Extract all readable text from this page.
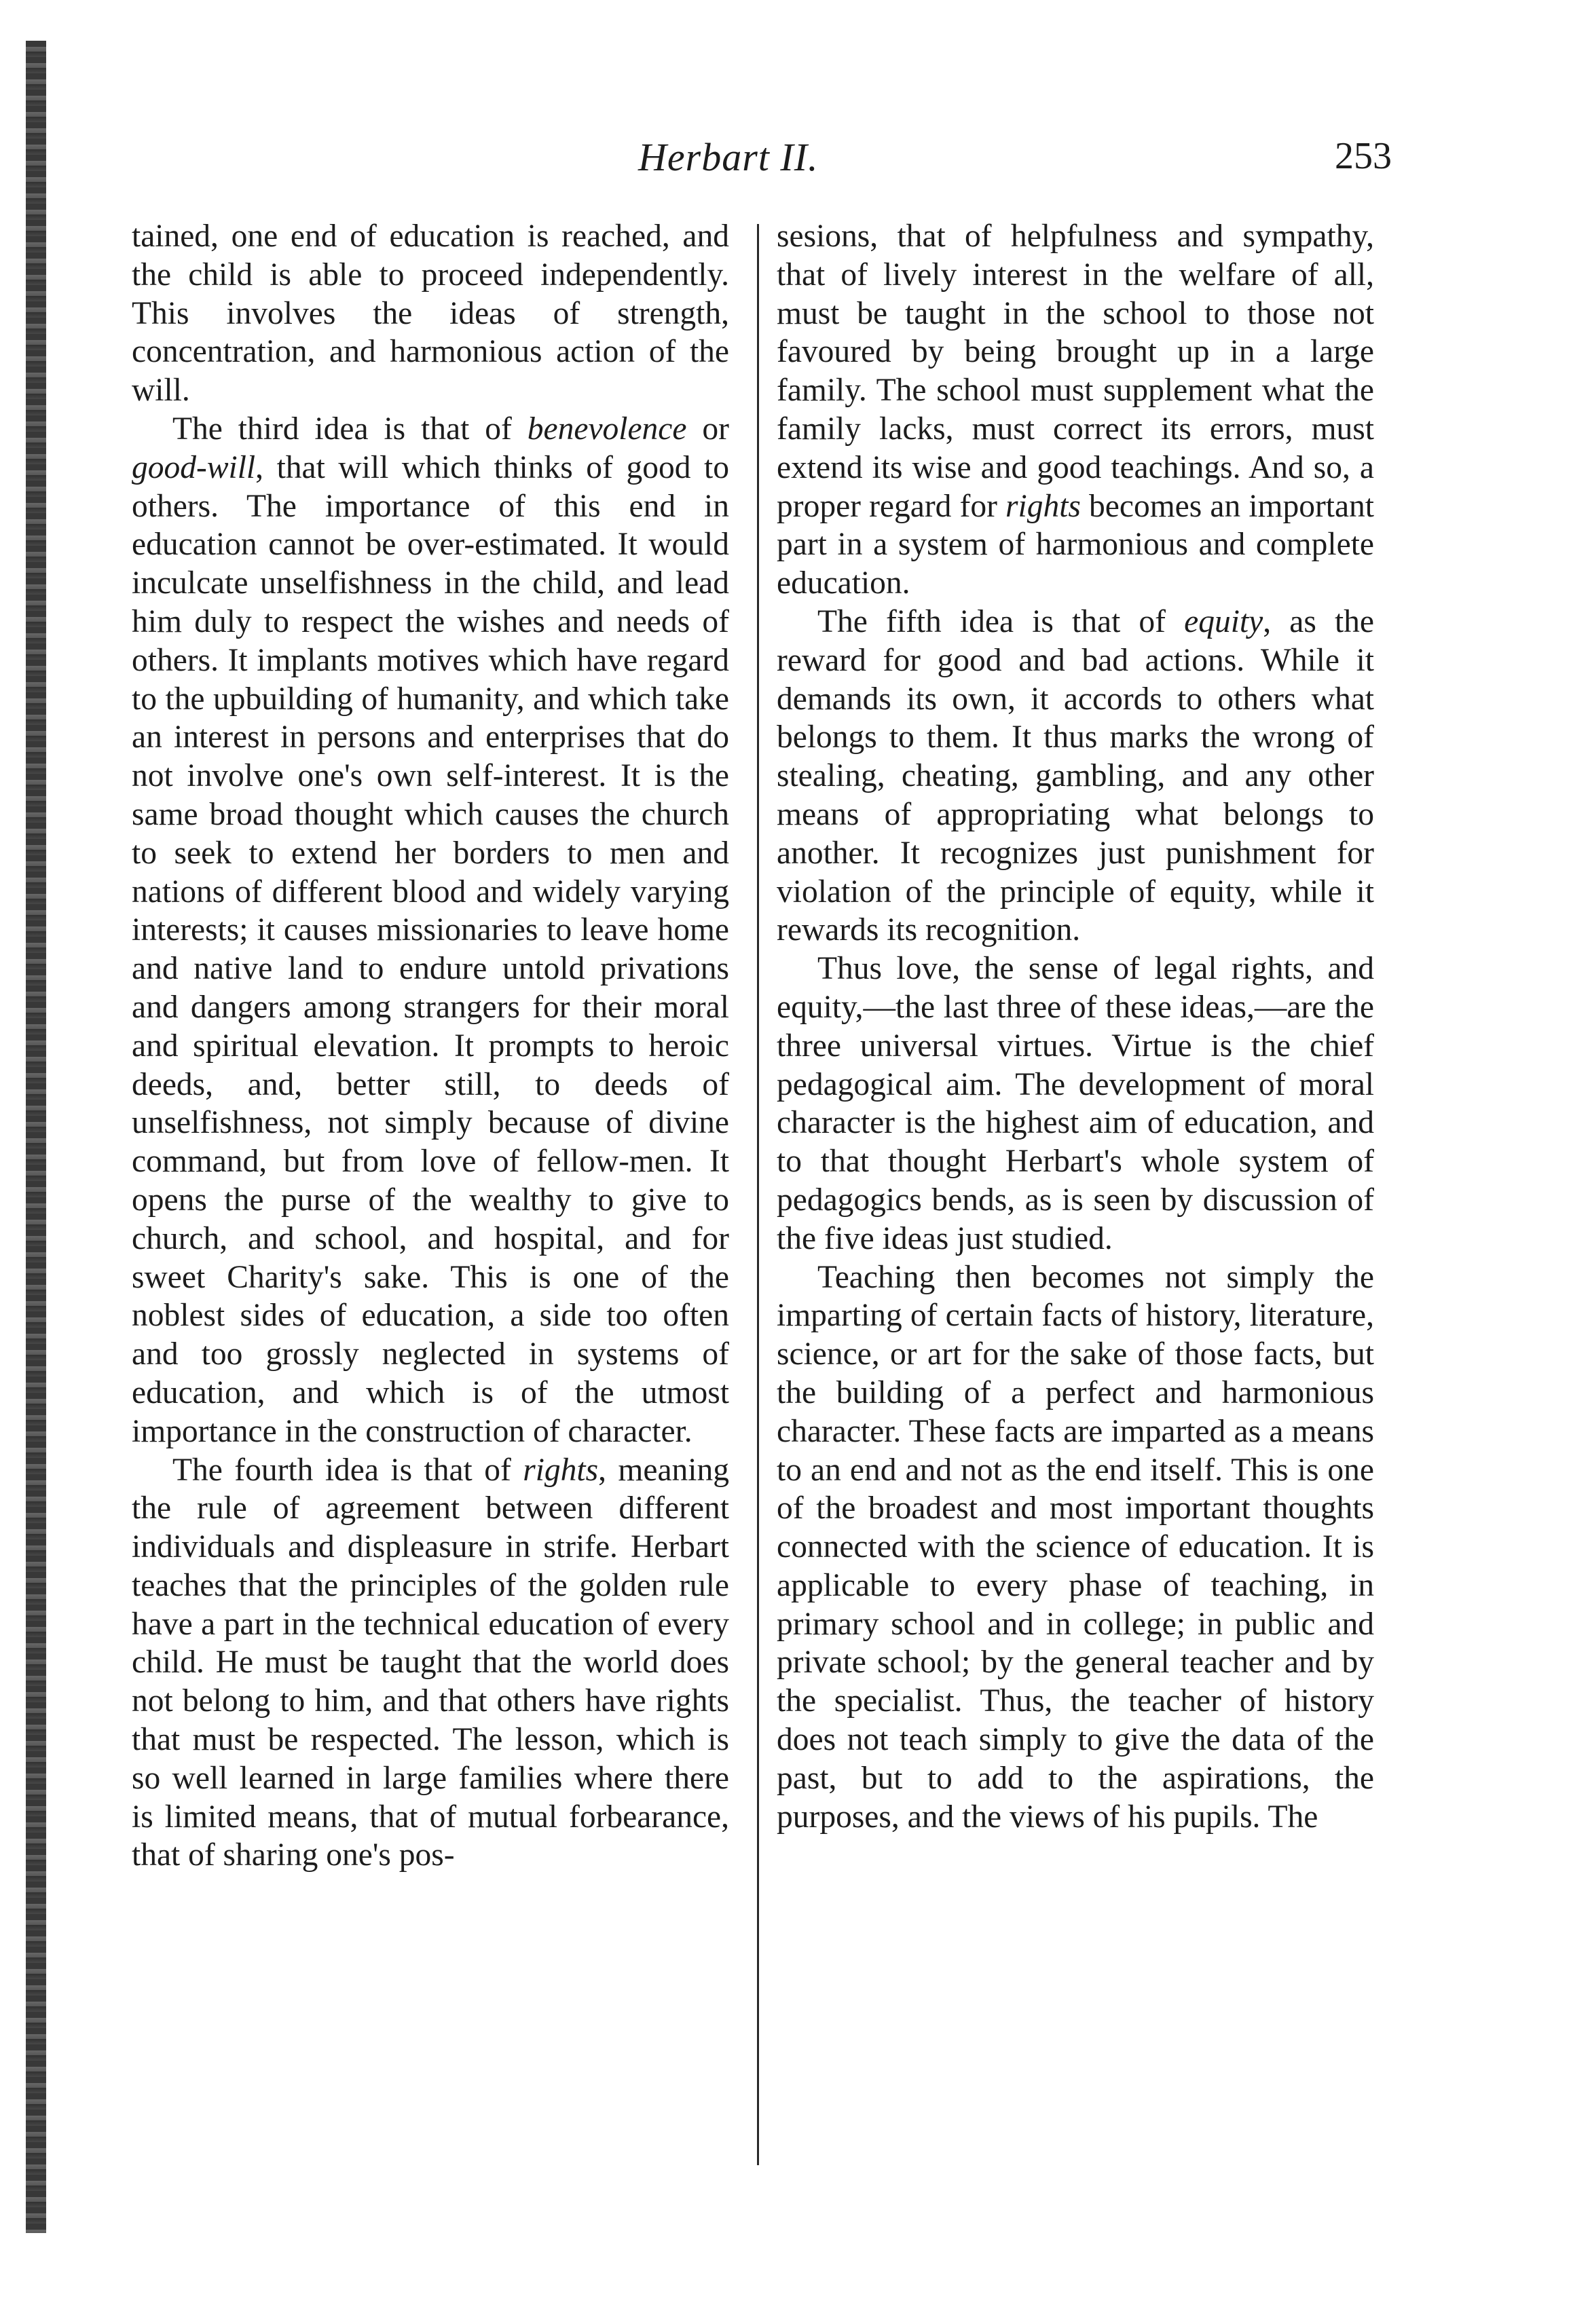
Herbart II.	253

tained, one end of education is reached, and the child is able to proceed independently. This involves the ideas of strength, concentration, and harmonious action of the will.

The third idea is that of benevolence or good-will, that will which thinks of good to others. The importance of this end in education cannot be over-estimated. It would inculcate unselfishness in the child, and lead him duly to respect the wishes and needs of others. It implants motives which have regard to the upbuilding of humanity, and which take an interest in persons and enterprises that do not involve one's own self-interest. It is the same broad thought which causes the church to seek to extend her borders to men and nations of different blood and widely varying interests; it causes missionaries to leave home and native land to endure untold privations and dangers among strangers for their moral and spiritual elevation. It prompts to heroic deeds, and, better still, to deeds of unselfishness, not simply because of divine command, but from love of fellow-men. It opens the purse of the wealthy to give to church, and school, and hospital, and for sweet Charity's sake. This is one of the noblest sides of education, a side too often and too grossly neglected in systems of education, and which is of the utmost importance in the construction of character.

The fourth idea is that of rights, meaning the rule of agreement between different individuals and displeasure in strife. Herbart teaches that the principles of the golden rule have a part in the technical education of every child. He must be taught that the world does not belong to him, and that others have rights that must be respected. The lesson, which is so well learned in large families where there is limited means, that of mutual forbearance, that of sharing one's pos-

sesions, that of helpfulness and sympathy, that of lively interest in the welfare of all, must be taught in the school to those not favoured by being brought up in a large family. The school must supplement what the family lacks, must correct its errors, must extend its wise and good teachings. And so, a proper regard for rights becomes an important part in a system of harmonious and complete education.

The fifth idea is that of equity, as the reward for good and bad actions. While it demands its own, it accords to others what belongs to them. It thus marks the wrong of stealing, cheating, gambling, and any other means of appropriating what belongs to another. It recognizes just punishment for violation of the principle of equity, while it rewards its recognition.

Thus love, the sense of legal rights, and equity,—the last three of these ideas,—are the three universal virtues. Virtue is the chief pedagogical aim. The development of moral character is the highest aim of education, and to that thought Herbart's whole system of pedagogics bends, as is seen by discussion of the five ideas just studied.

Teaching then becomes not simply the imparting of certain facts of history, literature, science, or art for the sake of those facts, but the building of a perfect and harmonious character. These facts are imparted as a means to an end and not as the end itself. This is one of the broadest and most important thoughts connected with the science of education. It is applicable to every phase of teaching, in primary school and in college; in public and private school; by the general teacher and by the specialist. Thus, the teacher of history does not teach simply to give the data of the past, but to add to the aspirations, the purposes, and the views of his pupils. The
